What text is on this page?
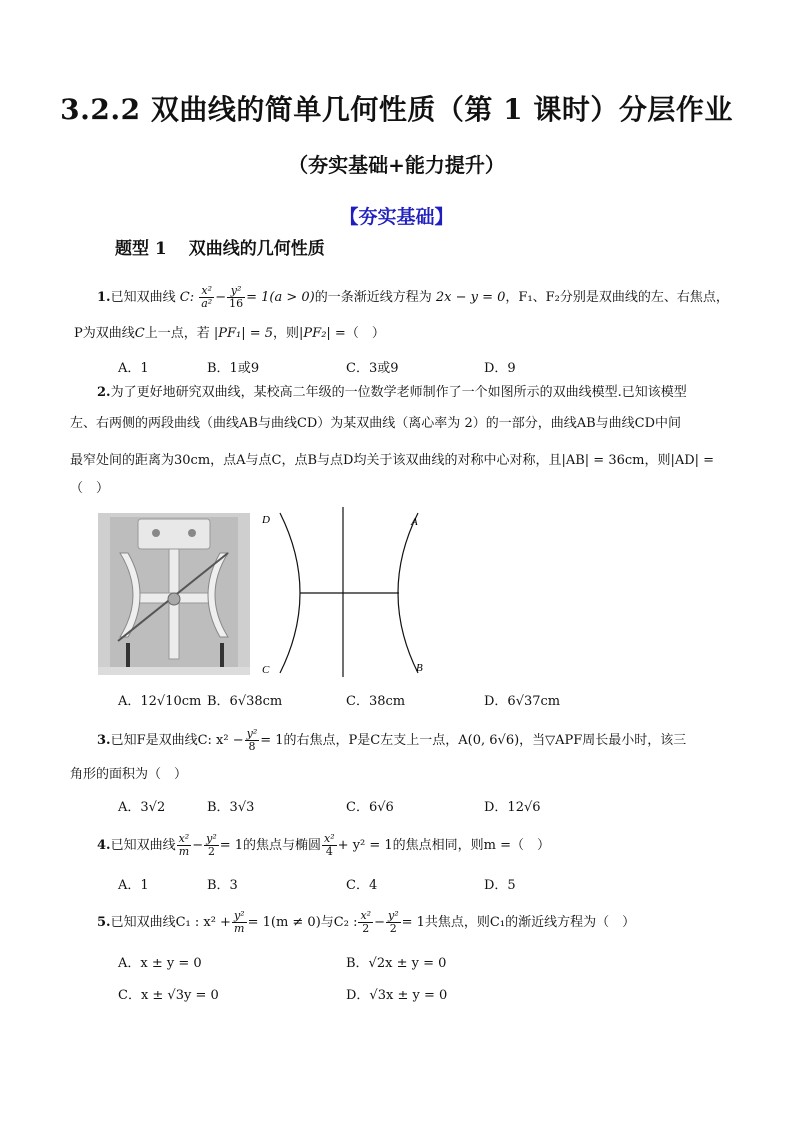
3.2.2 双曲线的简单几何性质（第 1 课时）分层作业
（夯实基础+能力提升）
【夯实基础】
题型 1 双曲线的几何性质
1.已知双曲线 C: $\frac{\text{x²}}{\text{a²}} - \frac{\text{y²}}{16} = 1(a > 0)$的一条渐近线方程为 2x − y = 0，F₁、F₂分别是双曲线的左、右焦点，
P为双曲线C上一点，若 |PF₁| = 5，则|PF₂| =（　）
A．1	B．1或9	C．3或9	D．9
2.为了更好地研究双曲线，某校高二年级的一位数学老师制作了一个如图所示的双曲线模型.已知该模型
左、右两侧的两段曲线（曲线AB与曲线CD）为某双曲线（离心率为 2）的一部分，曲线AB与曲线CD中间
最窄处间的距离为30cm，点A与点C，点B与点D均关于该双曲线的对称中心对称，且|AB| = 36cm，则|AD| =
（　）
D	A
C	B
A．12√10cm B．6√38cm	C．38cm	D．6√37cm
3.已知F是双曲线C: $x^2 - \frac{\text{y²}}{8} = 1$的右焦点，P是C左支上一点，A(0, 6√6)，当▽APF周长最小时，该三
角形的面积为（　）
A．3√2	B．3√3	C．6√6	D．12√6
4.已知双曲线 $\frac{\text{x²}}{m} - \frac{\text{y²}}{2} = 1$的焦点与椭圆 $\frac{\text{x²}}{4} + y^2 = 1$的焦点相同，则m =（　）
A．1	B．3	C．4	D．5
5.已知双曲线C₁ : $x^2 + \frac{\text{y²}}{m} = 1(m \ne 0)$与C₂ : $\frac{\text{x²}}{2} - \frac{\text{y²}}{2} = 1$共焦点，则C₁的渐近线方程为（　）
A．x ± y = 0	B．√2x ± y = 0
C．x ± √3y = 0	D．√3x ± y = 0
